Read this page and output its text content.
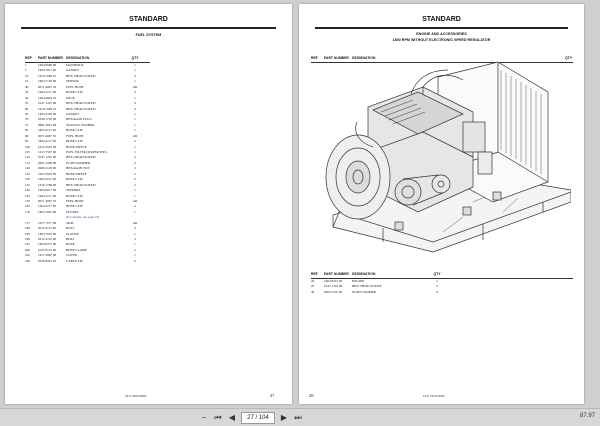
STANDARD
FUEL SYSTEM
REF	PART NUMBER DESIGNATION	QTY
1	1604 9900 00	MANIFOLD	1
5	1604 7811 00	GASKET	1
10	1619 7099 91	HEX. HEAD SCREW	4
15	1604 7159 00	SENSOR	1
40	0071 4607 55	FUEL HOSE	AR
45	1604 4117 00	HOSE CLIP	2
50	1604 9802 01	NECK	1
55	0147 1247 00	HEX. HEAD SCREW	4
60	1619 7099 91	HEX. HEAD SCREW	4
65	1604 2700 00	GASKET	1
70	0348 1718 00	HEXAGON PLUG	1
75	0981 3021 00	SEALING WASHER	1
85	1604 4117 00	HOSE CLIP	1
90	0071 4607 55	FUEL HOSE	AR
95	1604 4117 00	HOSE CLIP	2
100	1022 5910 00	HOSE NIPPLE	1
105	1613 7597 00	FUEL FILTER (WATER SEP.)	1
110	0147 1210 00	HEX. HEAD SCREW	2
115	0301 2200 00	PLAIN WASHER	2
120	0266 2118 00	HEXAGON NUT	2
125	1022 5910 00	HOSE NIPPLE	2
130	1604 4117 00	HOSE CLIP	2
135	1619 1766 00	HEX. HEAD SCREW	2
140	1604 0617 00	SUPPORT	1
145	1604 4117 00	HOSE CLIP	1
150	0071 4607 55	FUEL HOSE	AR
165	1604 4117 00	HOSE CLIP	2
170	1604 7607 00	FUNNEL	1
(For details, see page 10)
175	1617 7077 00	SEAL	AR
180	0212 2112 00	BOLT	2
185	1604 7670 00	FLANGE	1
190	0212 2112 00	BOLT	3
195	1604 0275 00	HOSE	1
200	0147 8151 00	HOSE CLAMP	2
210	1617 4967 00	COVER	1
220	0346 8201 05	CABLE TIE	2
1611 7064 00/02	27
STANDARD
ENGINE AND ACCESSORIES
1800 RPM WITHOUT ELECTRONIC SPEED REGULATOR
REF	PART NUMBER DESIGNATION	QTY
REF	PART NUMBER DESIGNATION	QTY
20	1604 8201 05	ENGINE	1
25	0147 1219 00	HEX. HEAD SCREW	4
30	0302 2170 00	PLAIN WASHER	4
28	1611 7079 00/02
−	⏮ ◀	27 / 104	▶ ⏭	87.97
